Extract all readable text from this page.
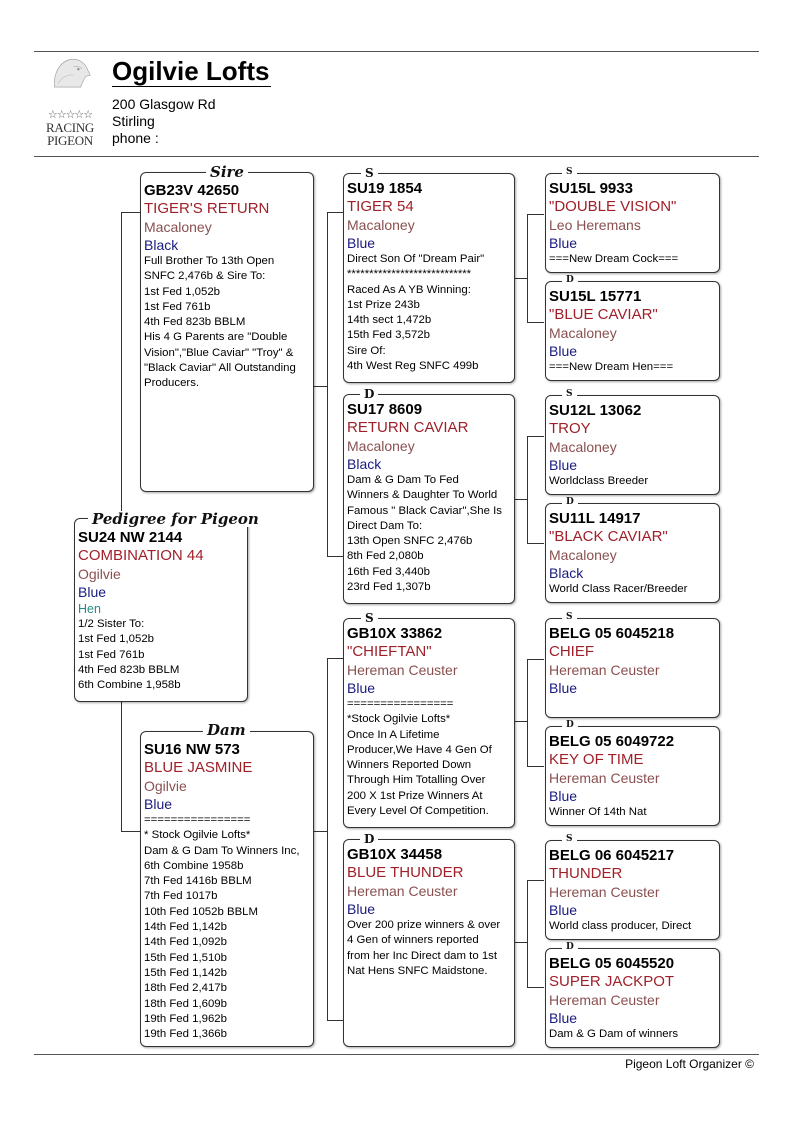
☆☆☆☆☆
RACING
PIGEON
Ogilvie Lofts
200 Glasgow Rd
Stirling
phone :
SU24 NW 2144
COMBINATION 44
Ogilvie
Blue
Hen
1/2 Sister To:
1st Fed 1,052b
1st Fed 761b
4th Fed 823b BBLM
6th Combine 1,958b
Pedigree for Pigeon
GB23V 42650
TIGER'S RETURN
Macaloney
Black
Full Brother To 13th Open
SNFC 2,476b & Sire To:
1st Fed 1,052b
1st Fed 761b
4th Fed 823b BBLM
His 4 G Parents are "Double
Vision","Blue Caviar" "Troy" &
"Black Caviar" All Outstanding
Producers.
Sire
SU16 NW 573
BLUE JASMINE
Ogilvie
Blue
================
* Stock Ogilvie Lofts*
Dam & G Dam To Winners Inc,
6th Combine 1958b
7th Fed 1416b BBLM
7th Fed 1017b
10th Fed 1052b BBLM
14th Fed 1,142b
14th Fed 1,092b
15th Fed 1,510b
15th Fed 1,142b
18th Fed 2,417b
18th Fed 1,609b
19th Fed 1,962b
19th Fed 1,366b
Dam
SU19 1854
TIGER 54
Macaloney
Blue
Direct Son Of "Dream Pair"
****************************
Raced As A YB Winning:
1st Prize 243b
14th sect 1,472b
15th Fed 3,572b
Sire Of:
4th West Reg SNFC 499b
S
SU17 8609
RETURN CAVIAR
Macaloney
Black
Dam & G Dam To Fed
Winners & Daughter To World
Famous " Black Caviar",She Is
Direct Dam To:
13th Open SNFC 2,476b
8th Fed 2,080b
16th Fed 3,440b
23rd Fed 1,307b
D
GB10X 33862
"CHIEFTAN"
Hereman Ceuster
Blue
================
*Stock Ogilvie Lofts*
Once In A Lifetime
Producer,We Have 4 Gen Of
Winners Reported Down
Through Him Totalling Over
200 X 1st Prize Winners At
Every Level Of Competition.
S
GB10X 34458
BLUE THUNDER
Hereman Ceuster
Blue
Over 200 prize winners & over
4 Gen of winners reported
from her Inc Direct dam to 1st
Nat Hens SNFC Maidstone.
D
SU15L 9933
"DOUBLE VISION"
Leo Heremans
Blue
===New Dream Cock===
S
SU15L 15771
"BLUE CAVIAR"
Macaloney
Blue
===New Dream Hen===
D
SU12L 13062
TROY
Macaloney
Blue
Worldclass Breeder
S
SU11L 14917
"BLACK CAVIAR"
Macaloney
Black
World Class Racer/Breeder
D
BELG 05 6045218
CHIEF
Hereman Ceuster
Blue
S
BELG 05 6049722
KEY OF TIME
Hereman Ceuster
Blue
Winner Of 14th Nat
D
BELG 06 6045217
THUNDER
Hereman Ceuster
Blue
World class producer, Direct
S
BELG 05 6045520
SUPER JACKPOT
Hereman Ceuster
Blue
Dam & G Dam of winners
D
Pigeon Loft Organizer ©
